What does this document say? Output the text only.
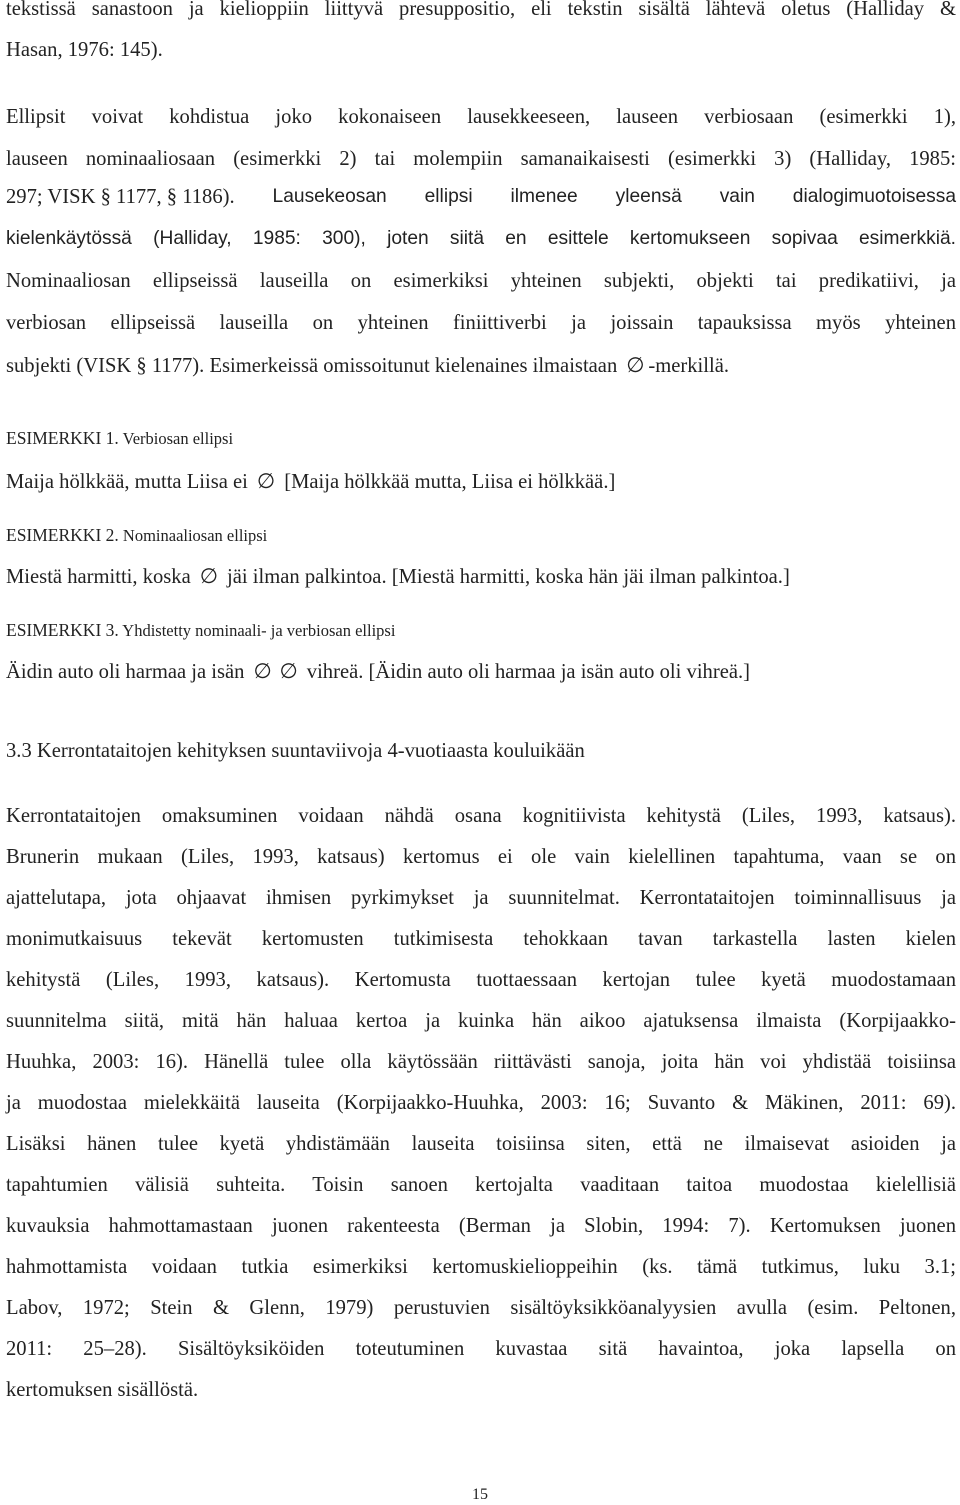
tekstissä sanastoon ja kielioppiin liittyvä presuppositio, eli tekstin sisältä lähtevä oletus (Halliday &
Hasan, 1976: 145).
Ellipsit voivat kohdistua joko kokonaiseen lausekkeeseen, lauseen verbiosaan (esimerkki 1),
lauseen nominaaliosaan (esimerkki 2) tai molempiin samanaikaisesti (esimerkki 3) (Halliday, 1985:
297; VISK § 1177, § 1186). Lausekeosan ellipsi ilmenee yleensä vain dialogimuotoisessa
kielenkäytössä (Halliday, 1985: 300), joten siitä en esittele kertomukseen sopivaa esimerkkiä.
Nominaaliosan ellipseissä lauseilla on esimerkiksi yhteinen subjekti, objekti tai predikatiivi, ja
verbiosan ellipseissä lauseilla on yhteinen finiittiverbi ja joissain tapauksissa myös yhteinen
subjekti (VISK § 1177). Esimerkeissä omissoitunut kielenaines ilmaistaan ∅ -merkillä.
ESIMERKKI 1. Verbiosan ellipsi
Maija hölkkää, mutta Liisa ei ∅ [Maija hölkkää mutta, Liisa ei hölkkää.]
ESIMERKKI 2. Nominaaliosan ellipsi
Miestä harmitti, koska ∅ jäi ilman palkintoa. [Miestä harmitti, koska hän jäi ilman palkintoa.]
ESIMERKKI 3. Yhdistetty nominaali- ja verbiosan ellipsi
Äidin auto oli harmaa ja isän ∅ ∅ vihreä. [Äidin auto oli harmaa ja isän auto oli vihreä.]
3.3 Kerrontataitojen kehityksen suuntaviivoja 4-vuotiaasta kouluikään
Kerrontataitojen omaksuminen voidaan nähdä osana kognitiivista kehitystä (Liles, 1993, katsaus).
Brunerin mukaan (Liles, 1993, katsaus) kertomus ei ole vain kielellinen tapahtuma, vaan se on
ajattelutapa, jota ohjaavat ihmisen pyrkimykset ja suunnitelmat. Kerrontataitojen toiminnallisuus ja
monimutkaisuus tekevät kertomusten tutkimisesta tehokkaan tavan tarkastella lasten kielen
kehitystä (Liles, 1993, katsaus). Kertomusta tuottaessaan kertojan tulee kyetä muodostamaan
suunnitelma siitä, mitä hän haluaa kertoa ja kuinka hän aikoo ajatuksensa ilmaista (Korpijaakko-
Huuhka, 2003: 16). Hänellä tulee olla käytössään riittävästi sanoja, joita hän voi yhdistää toisiinsa
ja muodostaa mielekkäitä lauseita (Korpijaakko-Huuhka, 2003: 16; Suvanto & Mäkinen, 2011: 69).
Lisäksi hänen tulee kyetä yhdistämään lauseita toisiinsa siten, että ne ilmaisevat asioiden ja
tapahtumien välisiä suhteita. Toisin sanoen kertojalta vaaditaan taitoa muodostaa kielellisiä
kuvauksia hahmottamastaan juonen rakenteesta (Berman ja Slobin, 1994: 7). Kertomuksen juonen
hahmottamista voidaan tutkia esimerkiksi kertomuskielioppeihin (ks. tämä tutkimus, luku 3.1;
Labov, 1972; Stein & Glenn, 1979) perustuvien sisältöyksikköanalyysien avulla (esim. Peltonen,
2011: 25–28). Sisältöyksiköiden toteutuminen kuvastaa sitä havaintoa, joka lapsella on
kertomuksen sisällöstä.
15
